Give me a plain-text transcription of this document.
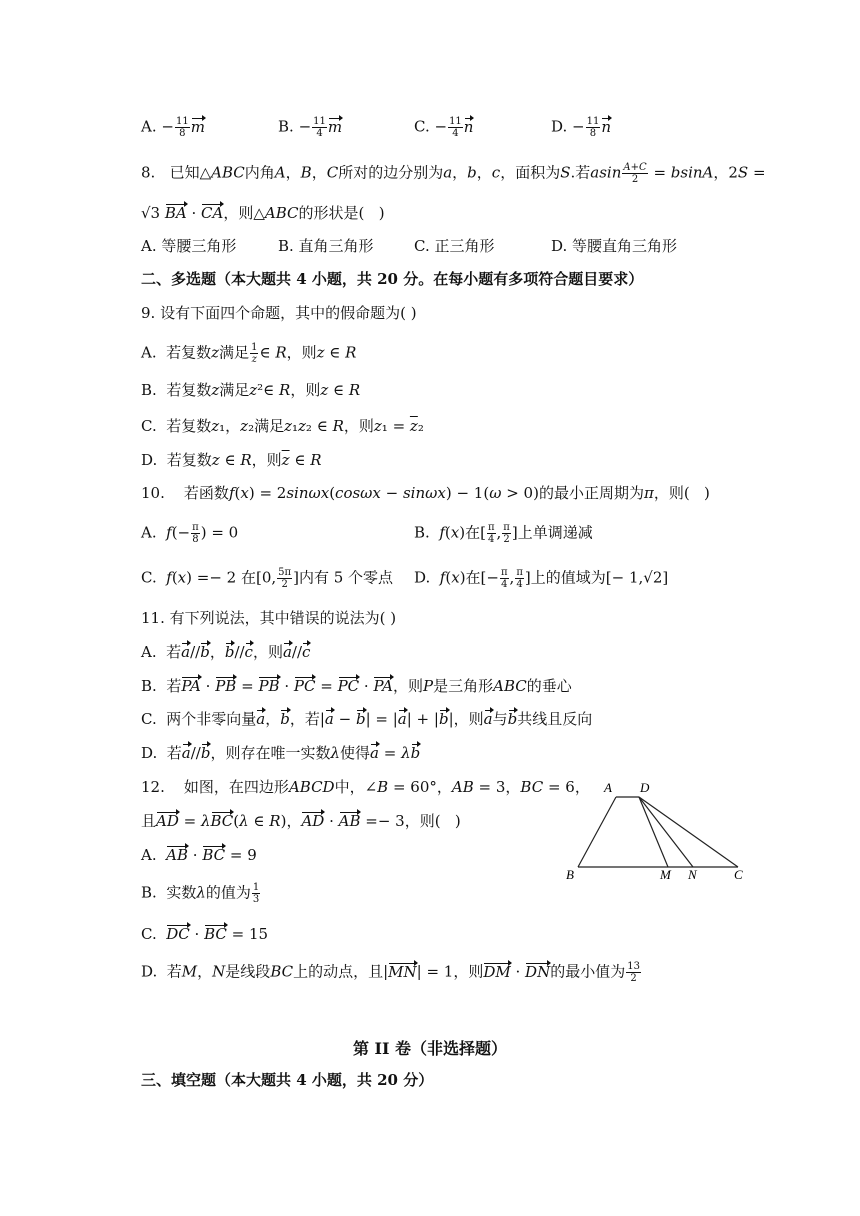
A. − $\frac{11}{8}$ m	B. − $\frac{11}{4}$ m	C. − $\frac{11}{4}$ n	D. − $\frac{11}{8}$ n
8.   已知△ABC内角A，B，C所对的边分别为a，b，c，面积为S.若asin $\frac{A+C}{2} = bsinA$，2S =
√3 BA · CA，则△ABC的形状是(   )
A. 等腰三角形	B. 直角三角形	C. 正三角形	D. 等腰直角三角形
二、多选题（本大题共 4 小题，共 20 分。在每小题有多项符合题目要求）
9. 设有下面四个命题，其中的假命题为( )
A.  若复数z满足 $\frac{1}{z}$ ∈ R，则z ∈ R
B.  若复数z满足z²∈ R，则z ∈ R
C.  若复数z₁，z₂满足z₁z₂ ∈ R，则$z_1 = \overline{z}_2$
D.  若复数z ∈ R，则$\overline{z}$ ∈ R
10.    若函数f(x) = 2sinωx(cosωx − sinωx) − 1(ω > 0)的最小正周期为π，则(   )
A.  $f(- \frac{\pi}{8}$ ) = 0	B.  f(x)在[ $\frac{\pi}{4}$ , $\frac{\pi}{2}$ ]上单调递减
C.  f(x) =− 2 在[0, $\frac{5\pi}{2}$ ]内有 5 个零点 D.  f(x)在[− $\frac{\pi}{4}$ , $\frac{\pi}{4}$ ]上的值域为[− 1,√2]
11. 有下列说法，其中错误的说法为( )
A.  若a//b，b//c，则a//c
B.  若PA · PB = PB · PC = PC · PA，则P是三角形ABC的垂心
C.  两个非零向量a，b，若|a − b| = |a| + |b|，则a与b共线且反向
D.  若a//b，则存在唯一实数λ使得a = λb
12.    如图，在四边形ABCD中，∠B = 60°，AB = 3，BC = 6，
且AD = λBC(λ ∈ R)，AD · AB =− 3，则(   )
A.  AB · BC = 9
B.  实数λ的值为 $\frac{1}{3}$
C.  DC · BC = 15
D.  若M，N是线段BC上的动点，且|MN| = 1，则DM · DN的最小值为 $\frac{13}{2}$
A D
B	M N	C
第 II 卷（非选择题）
三、填空题（本大题共 4 小题，共 20 分）
